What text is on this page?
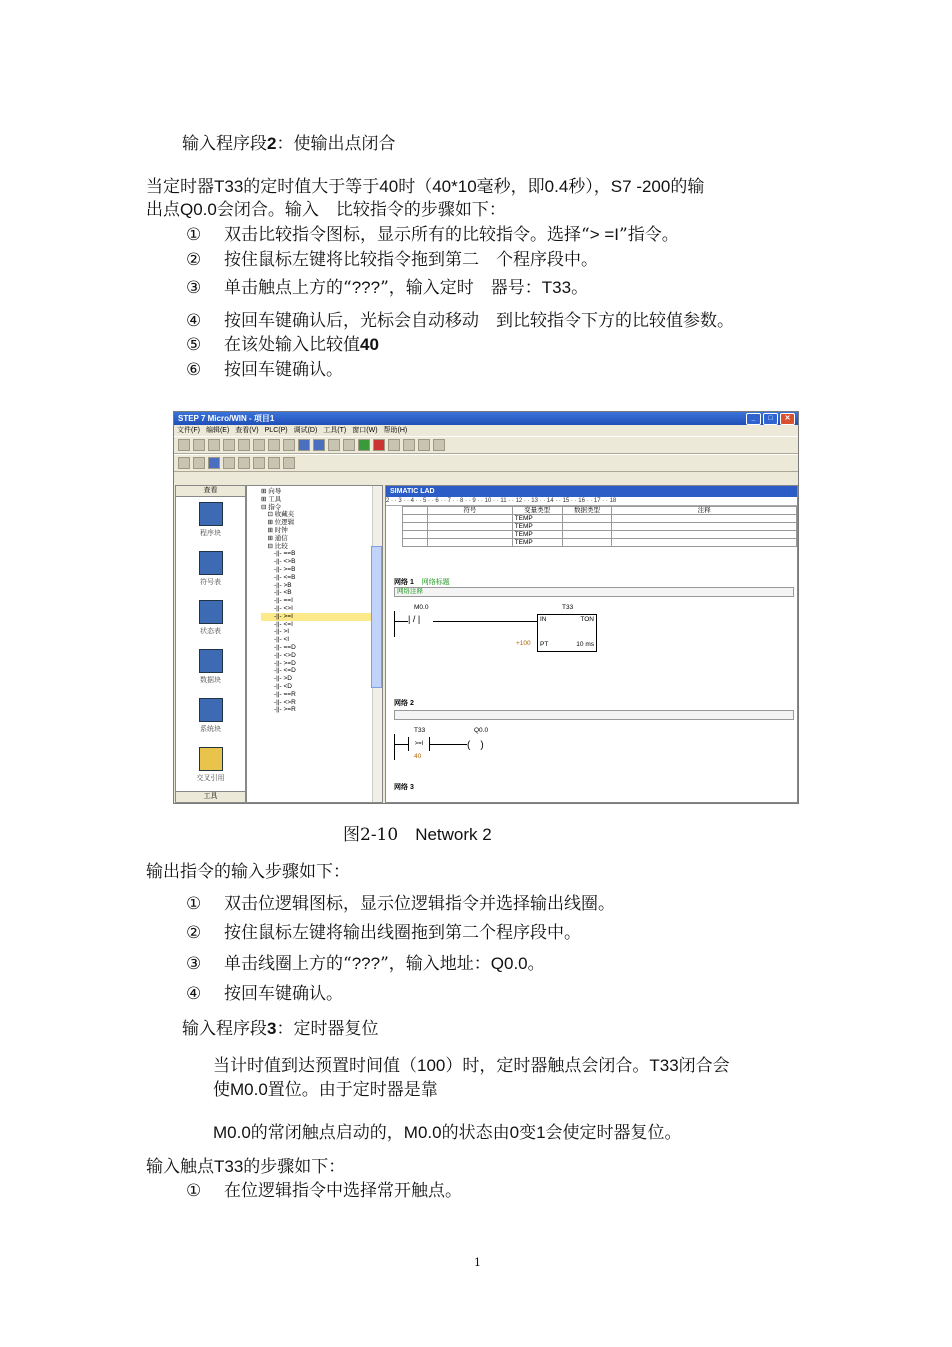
输入程序段2：使输出点闭合
当定时器T33的定时值大于等于40时（40*10毫秒，即0.4秒），S7 -200的输
出点Q0.0会闭合。输入　比较指令的步骤如下：
① 双击比较指令图标，显示所有的比较指令。选择“> =I”指令。
② 按住鼠标左键将比较指令拖到第二　个程序段中。
③ 单击触点上方的“???”，输入定时　器号：T33。
④ 按回车键确认后，光标会自动移动　到比较指令下方的比较值参数。
⑤ 在该处输入比较值40
⑥ 按回车键确认。
STEP 7 Micro/WIN - 项目1	_	□	✕
文件(F) 编辑(E) 查看(V) PLC(P) 调试(D) 工具(T) 窗口(W) 帮助(H)
查看
程序块
符号表
状态表
数据块
系统块
交叉引用
工具
⊞ 向导
⊞ 工具
⊟ 指令
　⊡ 收藏夹
　⊞ 位逻辑
　⊞ 时钟
　⊞ 通信
　⊟ 比较
　　-||- ==B
　　-||- <>B
　　-||- >=B
　　-||- <=B
　　-||- >B
　　-||- <B
　　-||- ==I
　　-||- <>I
　　-||- >=I
　　-||- <=I
　　-||- >I
　　-||- <I
　　-||- ==D
　　-||- <>D
　　-||- >=D
　　-||- <=D
　　-||- >D
　　-||- <D
　　-||- ==R
　　-||- <>R
　　-||- >=R
SIMATIC LAD
2 · · 3 · · 4 · · 5 · · 6 · · 7 · · 8 · · 9 · · 10 · · 11 · · 12 · · 13 · · 14 · · 15 · · 16 · · 17 · · 18
	符号	变量类型	数据类型	注释
		TEMP		
		TEMP		
		TEMP		
		TEMP		
网络 1 网络标题
网络注释
M0.0
| / |
T33
IN	TON
PT	10 ms
+100
网络 2
T33
>=I
40
Q0.0
(　)
网络 3
图2-10　 Network 2
输出指令的输入步骤如下：
① 双击位逻辑图标，显示位逻辑指令并选择输出线圈。
② 按住鼠标左键将输出线圈拖到第二个程序段中。
③ 单击线圈上方的“???”，输入地址：Q0.0。
④ 按回车键确认。
输入程序段3：定时器复位
当计时值到达预置时间值（100）时，定时器触点会闭合。T33闭合会
使M0.0置位。由于定时器是靠
M0.0的常闭触点启动的，M0.0的状态由0变1会使定时器复位。
输入触点T33的步骤如下：
① 在位逻辑指令中选择常开触点。
1
